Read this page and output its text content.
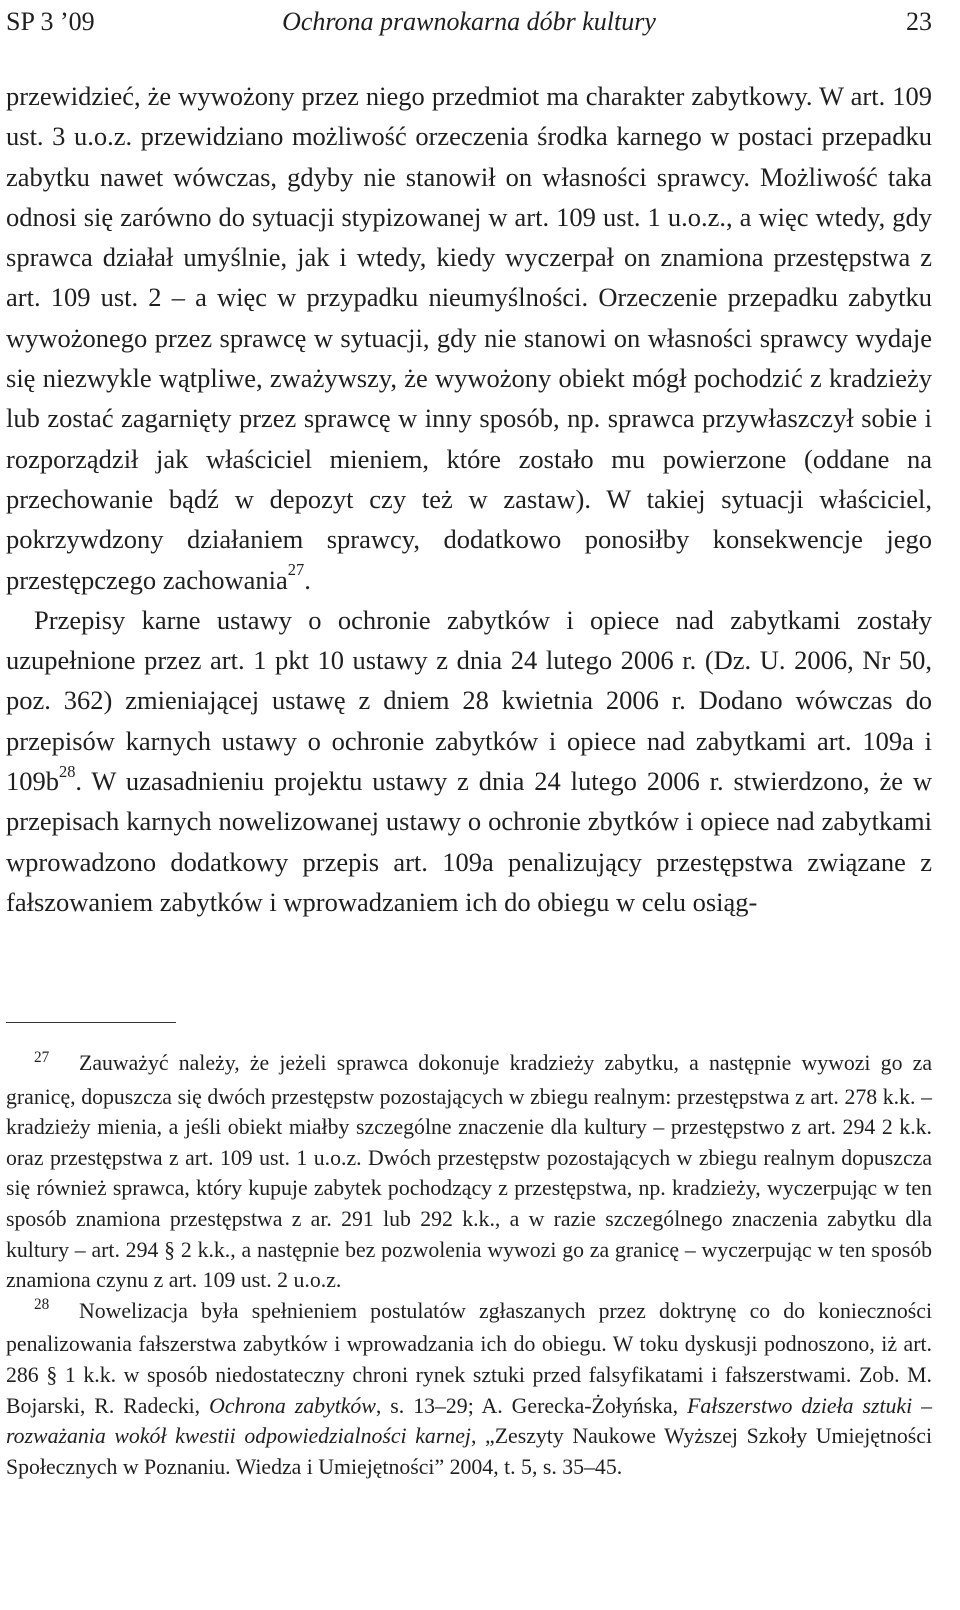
SP 3 ’09	Ochrona prawnokarna dóbr kultury	23

przewidzieć, że wywożony przez niego przedmiot ma charakter zabytkowy. W art. 109 ust. 3 u.o.z. przewidziano możliwość orzeczenia środka karnego w postaci przepadku zabytku nawet wówczas, gdyby nie stanowił on własności sprawcy. Możliwość taka odnosi się zarówno do sytuacji stypizowanej w art. 109 ust. 1 u.o.z., a więc wtedy, gdy sprawca działał umyślnie, jak i wtedy, kiedy wyczerpał on znamiona przestępstwa z art. 109 ust. 2 – a więc w przypadku nieumyślności. Orzeczenie przepadku zabytku wywożonego przez sprawcę w sytuacji, gdy nie stanowi on własności sprawcy wydaje się niezwykle wątpliwe, zważywszy, że wywożony obiekt mógł pochodzić z kradzieży lub zostać zagarnięty przez sprawcę w inny sposób, np. sprawca przywłaszczył sobie i rozporządził jak właściciel mieniem, które zostało mu powierzone (oddane na przechowanie bądź w depozyt czy też w zastaw). W takiej sytuacji właściciel, pokrzywdzony działaniem sprawcy, dodatkowo ponosiłby konsekwencje jego przestępczego zachowania$^{27}$.

Przepisy karne ustawy o ochronie zabytków i opiece nad zabytkami zostały uzupełnione przez art. 1 pkt 10 ustawy z dnia 24 lutego 2006 r. (Dz. U. 2006, Nr 50, poz. 362) zmieniającej ustawę z dniem 28 kwietnia 2006 r. Dodano wówczas do przepisów karnych ustawy o ochronie zabytków i opiece nad zabytkami art. 109a i $109b^{28}$. W uzasadnieniu projektu ustawy z dnia 24 lutego 2006 r. stwierdzono, że w przepisach karnych nowelizowanej ustawy o ochronie zbytków i opiece nad zabytkami wprowadzono dodatkowy przepis art. 109a penalizujący przestępstwa związane z fałszowaniem zabytków i wprowadzaniem ich do obiegu w celu osiąg-

27 Zauważyć należy, że jeżeli sprawca dokonuje kradzieży zabytku, a następnie wywozi go za granicę, dopuszcza się dwóch przestępstw pozostających w zbiegu realnym: przestępstwa z art. 278 k.k. – kradzieży mienia, a jeśli obiekt miałby szczególne znaczenie dla kultury – przestępstwo z art. 294 2 k.k. oraz przestępstwa z art. 109 ust. 1 u.o.z. Dwóch przestępstw pozostających w zbiegu realnym dopuszcza się również sprawca, który kupuje zabytek pochodzący z przestępstwa, np. kradzieży, wyczerpując w ten sposób znamiona przestępstwa z ar. 291 lub 292 k.k., a w razie szczególnego znaczenia zabytku dla kultury – art. 294 § 2 k.k., a następnie bez pozwolenia wywozi go za granicę – wyczerpując w ten sposób znamiona czynu z art. 109 ust. 2 u.o.z.

28 Nowelizacja była spełnieniem postulatów zgłaszanych przez doktrynę co do konieczności penalizowania fałszerstwa zabytków i wprowadzania ich do obiegu. W toku dyskusji podnoszono, iż art. 286 § 1 k.k. w sposób niedostateczny chroni rynek sztuki przed falsyfikatami i fałszerstwami. Zob. M. Bojarski, R. Radecki, Ochrona zabytków, s. 13–29; A. Gerecka-Żołyńska, Fałszerstwo dzieła sztuki – rozważania wokół kwestii odpowiedzialności karnej, „Zeszyty Naukowe Wyższej Szkoły Umiejętności Społecznych w Poznaniu. Wiedza i Umiejętności” 2004, t. 5, s. 35–45.
